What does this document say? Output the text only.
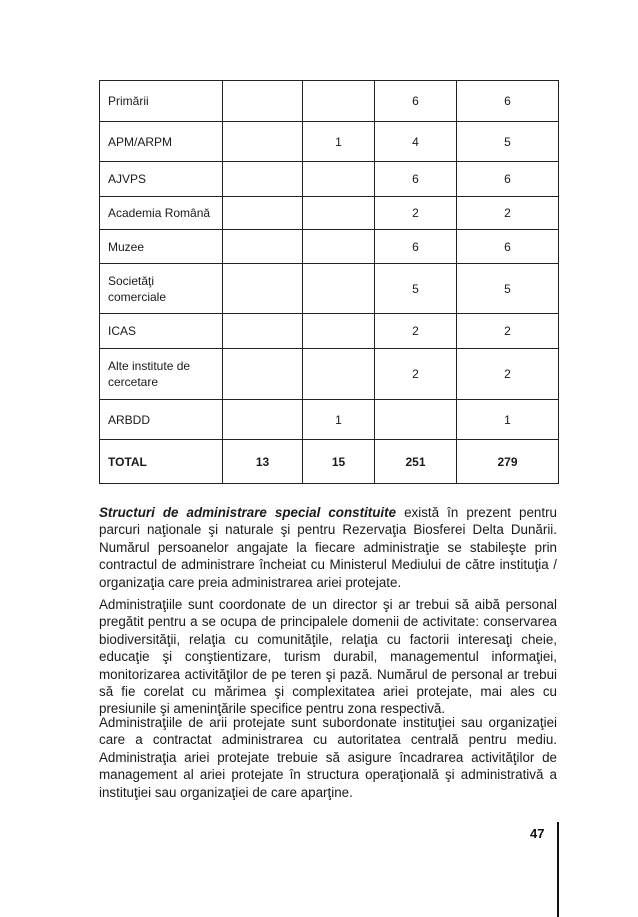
Primării			6	6
APM/ARPM		1	4	5
AJVPS			6	6
Academia Română			2	2
Muzee			6	6
Societăţi comerciale			5	5
ICAS			2	2
Alte institute de cercetare			2	2
ARBDD		1		1
TOTAL	13	15	251	279

Structuri de administrare special constituite există în prezent pentru parcuri naţionale şi naturale şi pentru Rezervaţia Biosferei Delta Dunării. Numărul persoanelor angajate la fiecare administraţie se stabileşte prin contractul de administrare încheiat cu Ministerul Mediului de către instituţia / organizaţia care preia administrarea ariei protejate.

Administraţiile sunt coordonate de un director şi ar trebui să aibă personal pregătit pentru a se ocupa de principalele domenii de activitate: conservarea biodiversităţii, relaţia cu comunităţile, relaţia cu factorii interesaţi cheie, educaţie şi conştientizare, turism durabil, managementul informaţiei, monitorizarea activităţilor de pe teren şi pază. Numărul de personal ar trebui să fie corelat cu mărimea şi complexitatea ariei protejate, mai ales cu presiunile şi ameninţările specifice pentru zona respectivă.

Administraţiile de arii protejate sunt subordonate instituţiei sau organizaţiei care a contractat administrarea cu autoritatea centrală pentru mediu. Administraţia ariei protejate trebuie să asigure încadrarea activităţilor de management al ariei protejate în structura operaţională şi administrativă a instituţiei sau organizaţiei de care aparţine.

47
